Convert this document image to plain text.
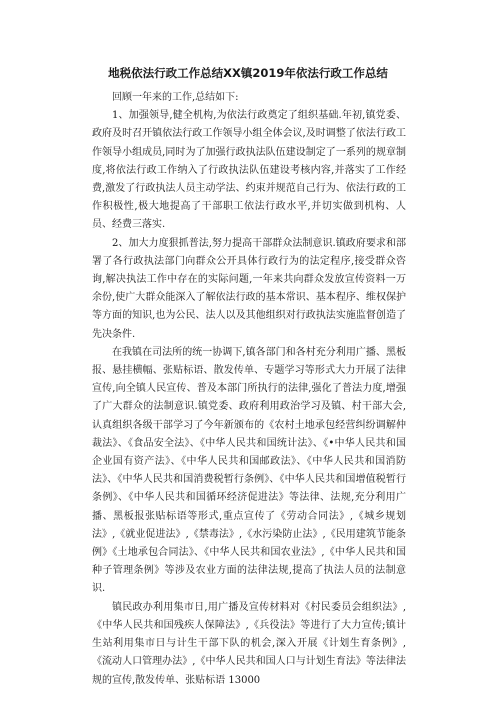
地税依法行政工作总结XX镇2019年依法行政工作总结

回顾一年来的工作,总结如下:

1、加强领导,健全机构,为依法行政奠定了组织基础.年初,镇党委、政府及时召开镇依法行政工作领导小组全体会议,及时调整了依法行政工作领导小组成员,同时为了加强行政执法队伍建设制定了一系列的规章制度,将依法行政工作纳入了行政执法队伍建设考核内容,并落实了工作经费,激发了行政执法人员主动学法、约束并规范自己行为、依法行政的工作积极性,极大地提高了干部职工依法行政水平,并切实做到机构、人员、经费三落实.

2、加大力度狠抓普法,努力提高干部群众法制意识.镇政府要求和部署了各行政执法部门向群众公开具体行政行为的法定程序,接受群众咨询,解决执法工作中存在的实际问题,一年来共向群众发放宣传资料一万余份,使广大群众能深入了解依法行政的基本常识、基本程序、维权保护等方面的知识,也为公民、法人以及其他组织对行政执法实施监督创造了先决条件.

在我镇在司法所的统一协调下,镇各部门和各村充分利用广播、黑板报、悬挂横幅、张贴标语、散发传单、专题学习等形式大力开展了法律宣传,向全镇人民宣传、普及本部门所执行的法律,强化了普法力度,增强了广大群众的法制意识.镇党委、政府利用政治学习及镇、村干部大会,认真组织各级干部学习了今年新颁布的《农村土地承包经营纠纷调解仲裁法》、《食品安全法》、《中华人民共和国统计法》、《•中华人民共和国企业国有资产法》、《中华人民共和国邮政法》、《中华人民共和国消防法》、《中华人民共和国消费税暂行条例》、《中华人民共和国增值税暂行条例》、《中华人民共和国循环经济促进法》等法律、法规,充分利用广播、黑板报张贴标语等形式,重点宣传了《劳动合同法》,《城乡规划法》,《就业促进法》,《禁毒法》,《水污染防止法》,《民用建筑节能条例》《土地承包合同法》、《中华人民共和国农业法》,《中华人民共和国种子管理条例》等涉及农业方面的法律法规,提高了执法人员的法制意识.

镇民政办利用集市日,用广播及宣传材料对《村民委员会组织法》,《中华人民共和国残疾人保障法》,《兵役法》等进行了大力宣传;镇计生站利用集市日与计生干部下队的机会,深入开展《计划生育条例》,《流动人口管理办法》,《中华人民共和国人口与计划生育法》等法律法规的宣传,散发传单、张贴标语 13000
